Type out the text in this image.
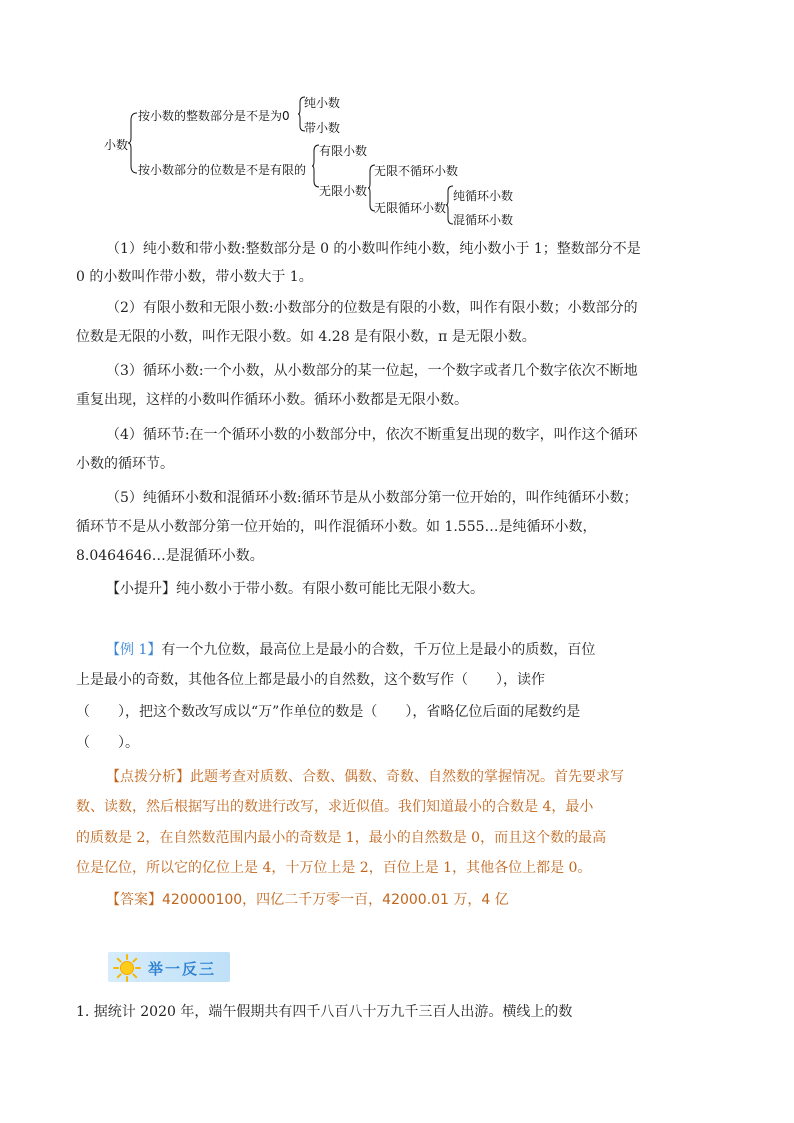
小数
按小数的整数部分是不是为0
纯小数
带小数
按小数部分的位数是不是有限的
有限小数
无限小数
无限不循环小数
无限循环小数
纯循环小数
混循环小数
（1）纯小数和带小数:整数部分是 0 的小数叫作纯小数，纯小数小于 1；整数部分不是
0 的小数叫作带小数，带小数大于 1。
（2）有限小数和无限小数:小数部分的位数是有限的小数，叫作有限小数；小数部分的
位数是无限的小数，叫作无限小数。如 4.28 是有限小数，π 是无限小数。
（3）循环小数:一个小数，从小数部分的某一位起，一个数字或者几个数字依次不断地
重复出现，这样的小数叫作循环小数。循环小数都是无限小数。
（4）循环节:在一个循环小数的小数部分中，依次不断重复出现的数字，叫作这个循环
小数的循环节。
（5）纯循环小数和混循环小数:循环节是从小数部分第一位开始的，叫作纯循环小数；
循环节不是从小数部分第一位开始的，叫作混循环小数。如 1.555…是纯循环小数，
8.0464646…是混循环小数。
【小提升】纯小数小于带小数。有限小数可能比无限小数大。
【例 1】有一个九位数，最高位上是最小的合数，千万位上是最小的质数，百位
上是最小的奇数，其他各位上都是最小的自然数，这个数写作（　　），读作
（　　），把这个数改写成以“万”作单位的数是（　　），省略亿位后面的尾数约是
（　　）。
【点拨分析】此题考查对质数、合数、偶数、奇数、自然数的掌握情况。首先要求写
数、读数，然后根据写出的数进行改写，求近似值。我们知道最小的合数是 4，最小
的质数是 2，在自然数范围内最小的奇数是 1，最小的自然数是 0，而且这个数的最高
位是亿位，所以它的亿位上是 4，十万位上是 2，百位上是 1，其他各位上都是 0。
【答案】420000100，四亿二千万零一百，42000.01 万，4 亿
举一反三
1. 据统计 2020 年，端午假期共有四千八百八十万九千三百人出游。横线上的数
